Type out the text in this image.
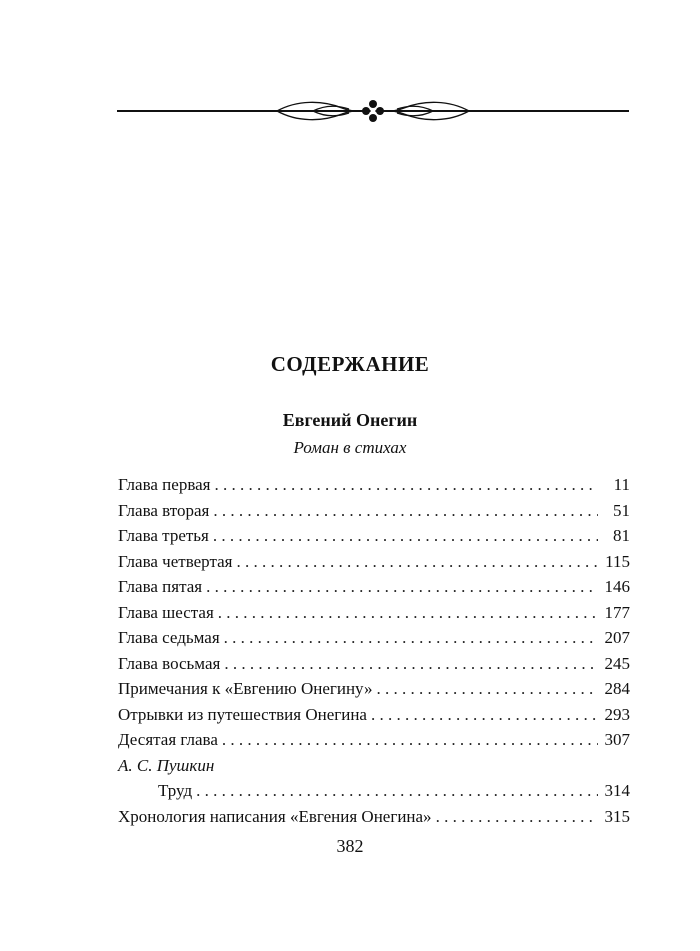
СОДЕРЖАНИЕ
Евгений Онегин
Роман в стихах
Глава первая . . .	11
Глава вторая . . .	51
Глава третья . . .	81
Глава четвертая . . .	115
Глава пятая . . .	146
Глава шестая . . .	177
Глава седьмая . . .	207
Глава восьмая . . .	245
Примечания к «Евгению Онегину» . . .	284
Отрывки из путешествия Онегина . . .	293
Десятая глава . . .	307
А. С. Пушкин
Труд . . .	314
Хронология написания «Евгения Онегина» . . .	315
382
